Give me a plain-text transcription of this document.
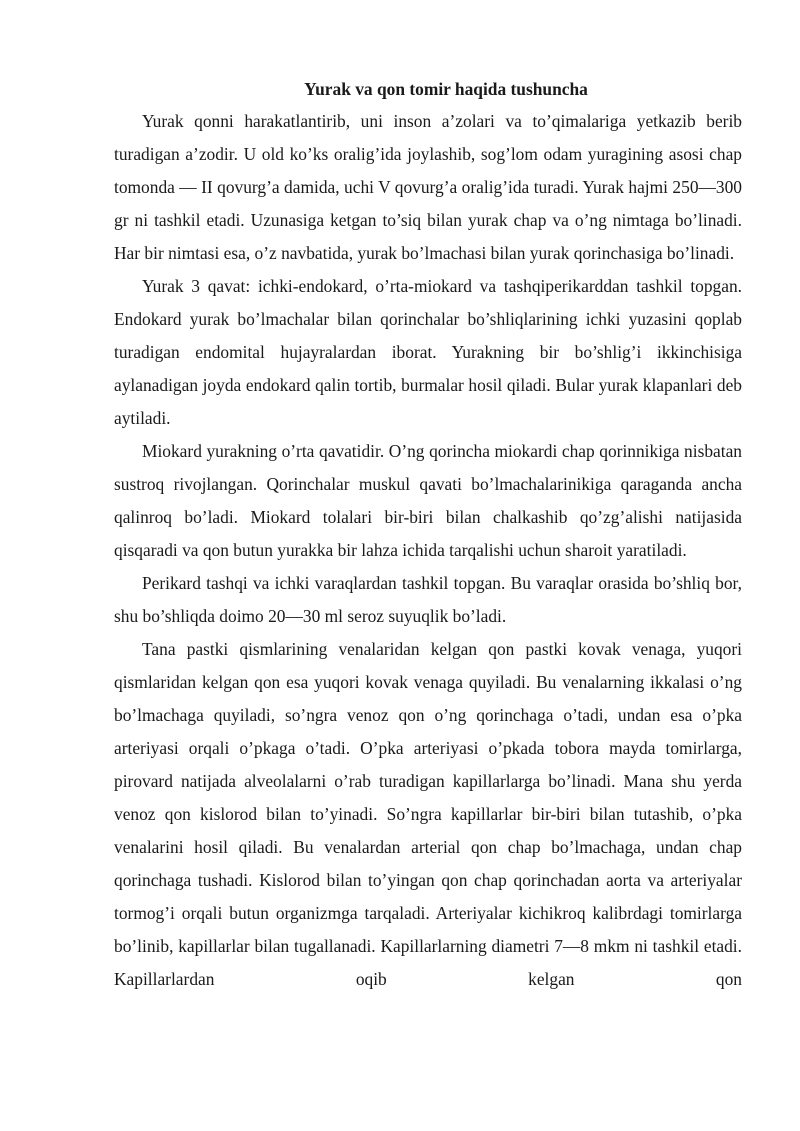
Yurak va qon tomir haqida tushuncha

Yurak qonni harakatlantirib, uni inson a’zolari va to’qimalariga yetkazib berib turadigan a’zodir. U old ko’ks oralig’ida joylashib, sog’lom odam yuragining asosi chap tomonda — II qovurg’a damida, uchi V qovurg’a oralig’ida turadi. Yurak hajmi 250—300 gr ni tashkil etadi. Uzunasiga ketgan to’siq bilan yurak chap va o’ng nimtaga bo’linadi. Har bir nimtasi esa, o’z navbatida, yurak bo’lmachasi bilan yurak qorinchasiga bo’linadi.

Yurak 3 qavat: ichki-endokard, o’rta-miokard va tashqiperikarddan tashkil topgan. Endokard yurak bo’lmachalar bilan qorinchalar bo’shliqlarining ichki yuzasini qoplab turadigan endomital hujayralardan iborat. Yurakning bir bo’shlig’i ikkinchisiga aylanadigan joyda endokard qalin tortib, burmalar hosil qiladi. Bular yurak klapanlari deb aytiladi.

Miokard yurakning o’rta qavatidir. O’ng qorincha miokardi chap qorinnikiga nisbatan sustroq rivojlangan. Qorinchalar muskul qavati bo’lmachalarinikiga qaraganda ancha qalinroq bo’ladi. Miokard tolalari bir-biri bilan chalkashib qo’zg’alishi natijasida qisqaradi va qon butun yurakka bir lahza ichida tarqalishi uchun sharoit yaratiladi.

Perikard tashqi va ichki varaqlardan tashkil topgan. Bu varaqlar orasida bo’shliq bor, shu bo’shliqda doimo 20—30 ml seroz suyuqlik bo’ladi.

Tana pastki qismlarining venalaridan kelgan qon pastki kovak venaga, yuqori qismlaridan kelgan qon esa yuqori kovak venaga quyiladi. Bu venalarning ikkalasi o’ng bo’lmachaga quyiladi, so’ngra venoz qon o’ng qorinchaga o’tadi, undan esa o’pka arteriyasi orqali o’pkaga o’tadi. O’pka arteriyasi o’pkada tobora mayda tomirlarga, pirovard natijada alveolalarni o’rab turadigan kapillarlarga bo’linadi. Mana shu yerda venoz qon kislorod bilan to’yinadi. So’ngra kapillarlar bir-biri bilan tutashib, o’pka venalarini hosil qiladi. Bu venalardan arterial qon chap bo’lmachaga, undan chap qorinchaga tushadi. Kislorod bilan to’yingan qon chap qorinchadan aorta va arteriyalar tormog’i orqali butun organizmga tarqaladi. Arteriyalar kichikroq kalibrdagi tomirlarga bo’linib, kapillarlar bilan tugallanadi. Kapillarlarning diametri 7—8 mkm ni tashkil etadi. Kapillarlardan oqib kelgan qon
